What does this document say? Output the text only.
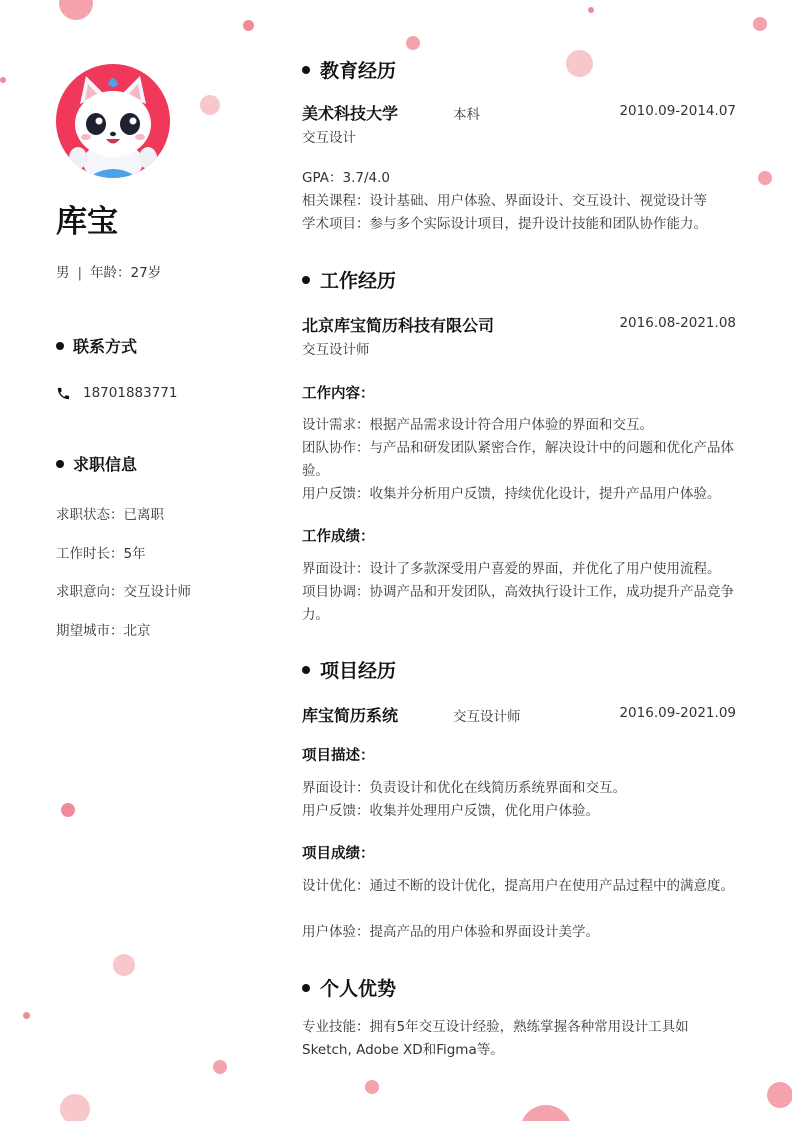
库宝
男 | 年龄：27岁
联系方式
18701883771
求职信息
求职状态：已离职
工作时长：5年
求职意向：交互设计师
期望城市：北京
教育经历
美术科技大学	本科	2010.09-2014.07
交互设计
GPA：3.7/4.0
相关课程：设计基础、用户体验、界面设计、交互设计、视觉设计等
学术项目：参与多个实际设计项目，提升设计技能和团队协作能力。
工作经历
北京库宝简历科技有限公司	2016.08-2021.08
交互设计师
工作内容：
设计需求：根据产品需求设计符合用户体验的界面和交互。
团队协作：与产品和研发团队紧密合作，解决设计中的问题和优化产品体验。
用户反馈：收集并分析用户反馈，持续优化设计，提升产品用户体验。
工作成绩：
界面设计：设计了多款深受用户喜爱的界面，并优化了用户使用流程。
项目协调：协调产品和开发团队，高效执行设计工作，成功提升产品竞争力。
项目经历
库宝简历系统	交互设计师	2016.09-2021.09
项目描述：
界面设计：负责设计和优化在线简历系统界面和交互。
用户反馈：收集并处理用户反馈，优化用户体验。
项目成绩：
设计优化：通过不断的设计优化，提高用户在使用产品过程中的满意度。
用户体验：提高产品的用户体验和界面设计美学。
个人优势
专业技能：拥有5年交互设计经验，熟练掌握各种常用设计工具如Sketch, Adobe XD和Figma等。
